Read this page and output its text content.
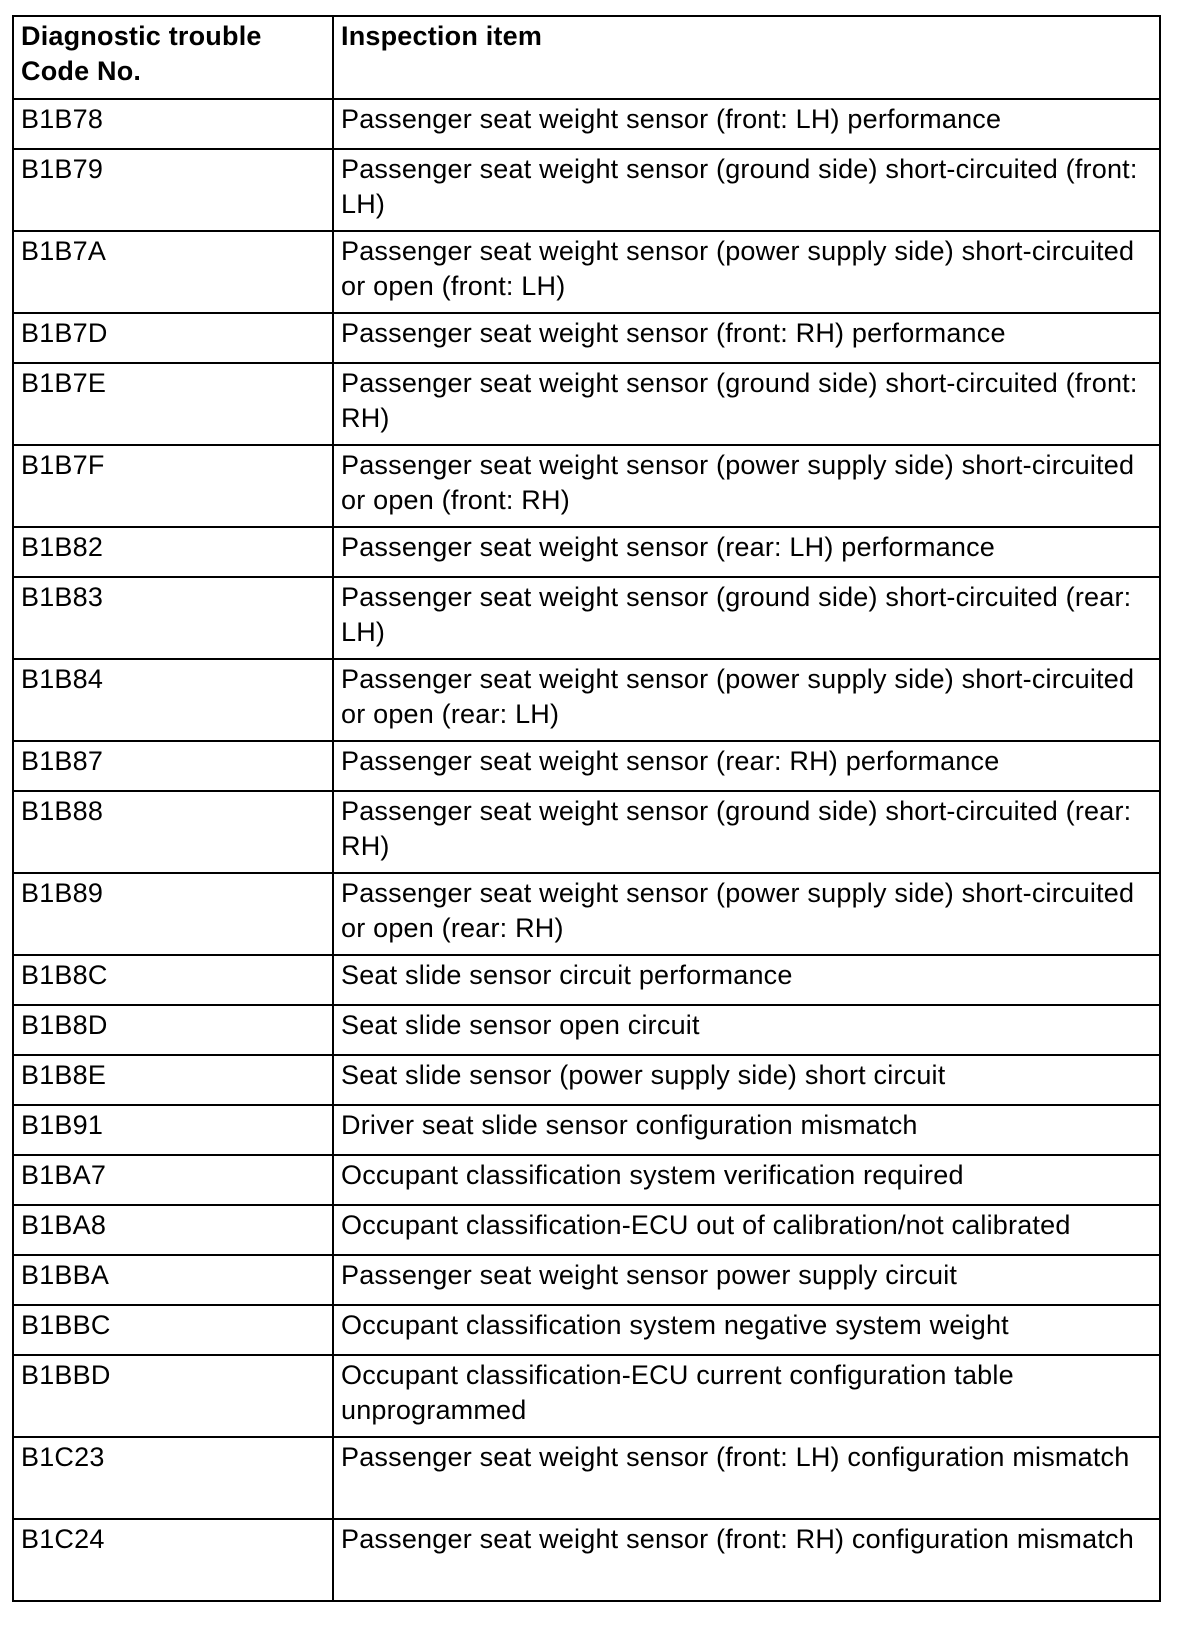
Diagnostic trouble Code No.	Inspection item
B1B78	Passenger seat weight sensor (front: LH) performance
B1B79	Passenger seat weight sensor (ground side) short-circuited (front: LH)
B1B7A	Passenger seat weight sensor (power supply side) short-circuited or open (front: LH)
B1B7D	Passenger seat weight sensor (front: RH) performance
B1B7E	Passenger seat weight sensor (ground side) short-circuited (front: RH)
B1B7F	Passenger seat weight sensor (power supply side) short-circuited or open (front: RH)
B1B82	Passenger seat weight sensor (rear: LH) performance
B1B83	Passenger seat weight sensor (ground side) short-circuited (rear: LH)
B1B84	Passenger seat weight sensor (power supply side) short-circuited or open (rear: LH)
B1B87	Passenger seat weight sensor (rear: RH) performance
B1B88	Passenger seat weight sensor (ground side) short-circuited (rear: RH)
B1B89	Passenger seat weight sensor (power supply side) short-circuited or open (rear: RH)
B1B8C	Seat slide sensor circuit performance
B1B8D	Seat slide sensor open circuit
B1B8E	Seat slide sensor (power supply side) short circuit
B1B91	Driver seat slide sensor configuration mismatch
B1BA7	Occupant classification system verification required
B1BA8	Occupant classification-ECU out of calibration/not calibrated
B1BBA	Passenger seat weight sensor power supply circuit
B1BBC	Occupant classification system negative system weight
B1BBD	Occupant classification-ECU current configuration table unprogrammed
B1C23	Passenger seat weight sensor (front: LH) configuration mismatch
B1C24	Passenger seat weight sensor (front: RH) configuration mismatch
